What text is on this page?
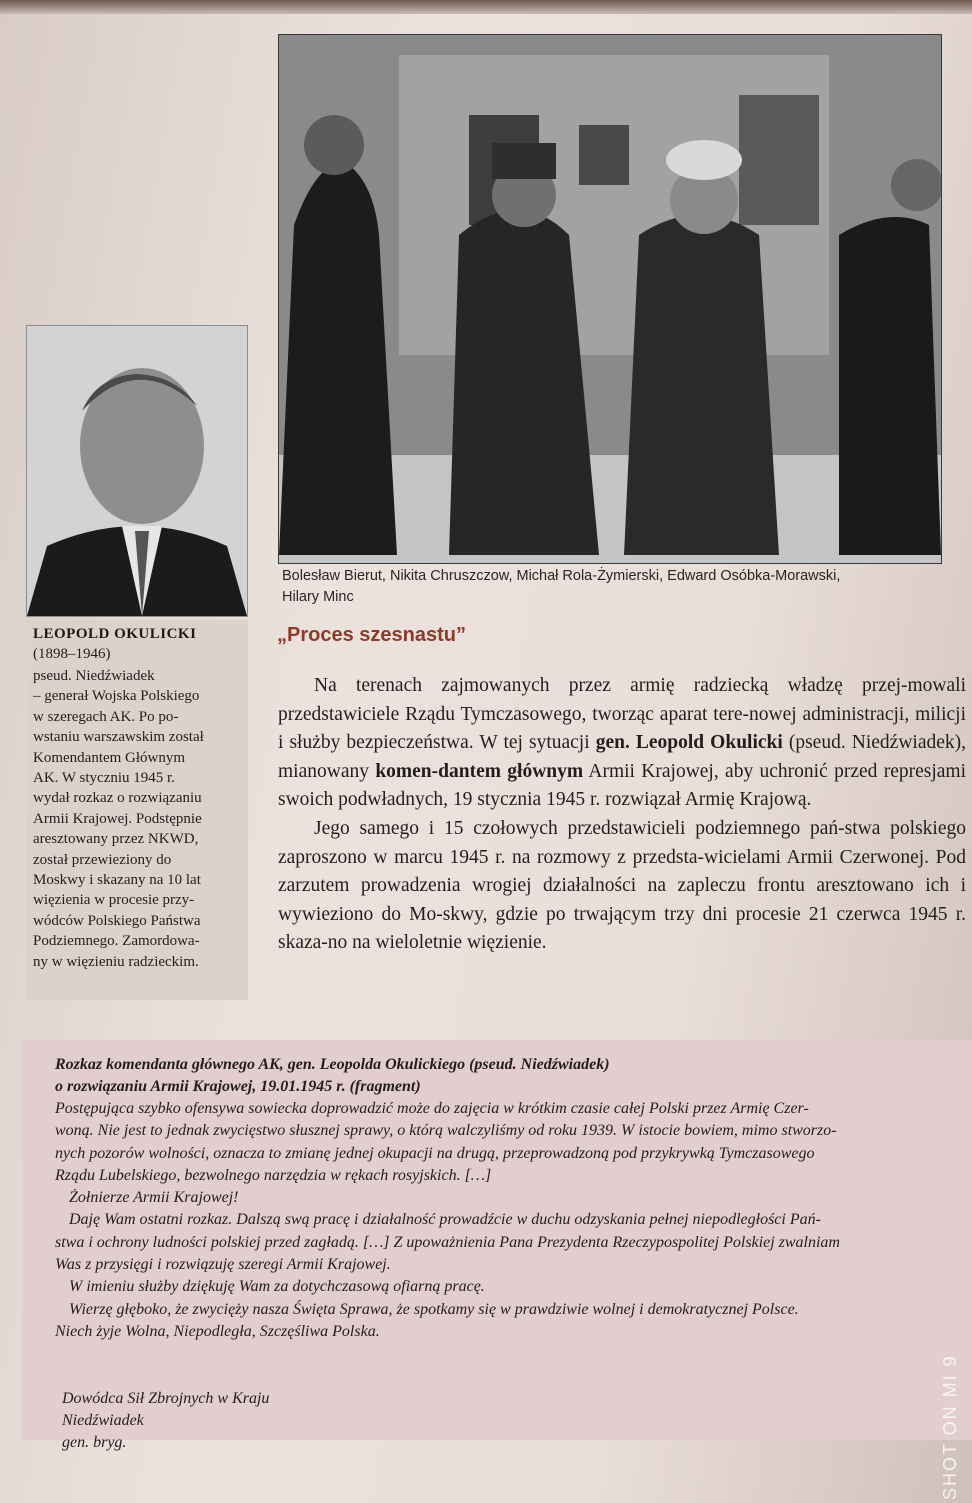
Bolesław Bierut, Nikita Chruszczow, Michał Rola-Żymierski, Edward Osóbka-Morawski,
Hilary Minc
LEOPOLD OKULICKI
(1898–1946)
pseud. Niedźwiadek
– generał Wojska Polskiego
w szeregach AK. Po po-
wstaniu warszawskim został
Komendantem Głównym
AK. W styczniu 1945 r.
wydał rozkaz o rozwiązaniu
Armii Krajowej. Podstępnie
aresztowany przez NKWD,
został przewieziony do
Moskwy i skazany na 10 lat
więzienia w procesie przy-
wódców Polskiego Państwa
Podziemnego. Zamordowa-
ny w więzieniu radzieckim.
„Proces szesnastu”

Na terenach zajmowanych przez armię radziecką władzę przej-mowali przedstawiciele Rządu Tymczasowego, tworząc aparat tere-nowej administracji, milicji i służby bezpieczeństwa. W tej sytuacji gen. Leopold Okulicki (pseud. Niedźwiadek), mianowany komen-dantem głównym Armii Krajowej, aby uchronić przed represjami swoich podwładnych, 19 stycznia 1945 r. rozwiązał Armię Krajową.

Jego samego i 15 czołowych przedstawicieli podziemnego pań-stwa polskiego zaproszono w marcu 1945 r. na rozmowy z przedsta-wicielami Armii Czerwonej. Pod zarzutem prowadzenia wrogiej działalności na zapleczu frontu aresztowano ich i wywieziono do Mo-skwy, gdzie po trwającym trzy dni procesie 21 czerwca 1945 r. skaza-no na wieloletnie więzienie.

Rozkaz komendanta głównego AK, gen. Leopolda Okulickiego (pseud. Niedźwiadek)
o rozwiązaniu Armii Krajowej, 19.01.1945 r. (fragment)

Postępująca szybko ofensywa sowiecka doprowadzić może do zajęcia w krótkim czasie całej Polski przez Armię Czer-

woną. Nie jest to jednak zwycięstwo słusznej sprawy, o którą walczyliśmy od roku 1939. W istocie bowiem, mimo stworzo-

nych pozorów wolności, oznacza to zmianę jednej okupacji na drugą, przeprowadzoną pod przykrywką Tymczasowego

Rządu Lubelskiego, bezwolnego narzędzia w rękach rosyjskich. […]

Żołnierze Armii Krajowej!

Daję Wam ostatni rozkaz. Dalszą swą pracę i działalność prowadźcie w duchu odzyskania pełnej niepodległości Pań-

stwa i ochrony ludności polskiej przed zagładą. […] Z upoważnienia Pana Prezydenta Rzeczypospolitej Polskiej zwalniam

Was z przysięgi i rozwiązuję szeregi Armii Krajowej.

W imieniu służby dziękuję Wam za dotychczasową ofiarną pracę.

Wierzę głęboko, że zwycięży nasza Święta Sprawa, że spotkamy się w prawdziwie wolnej i demokratycznej Polsce.

Niech żyje Wolna, Niepodległa, Szczęśliwa Polska.

Dowódca Sił Zbrojnych w Kraju
Niedźwiadek
gen. bryg.	SHOT ON MI 9
